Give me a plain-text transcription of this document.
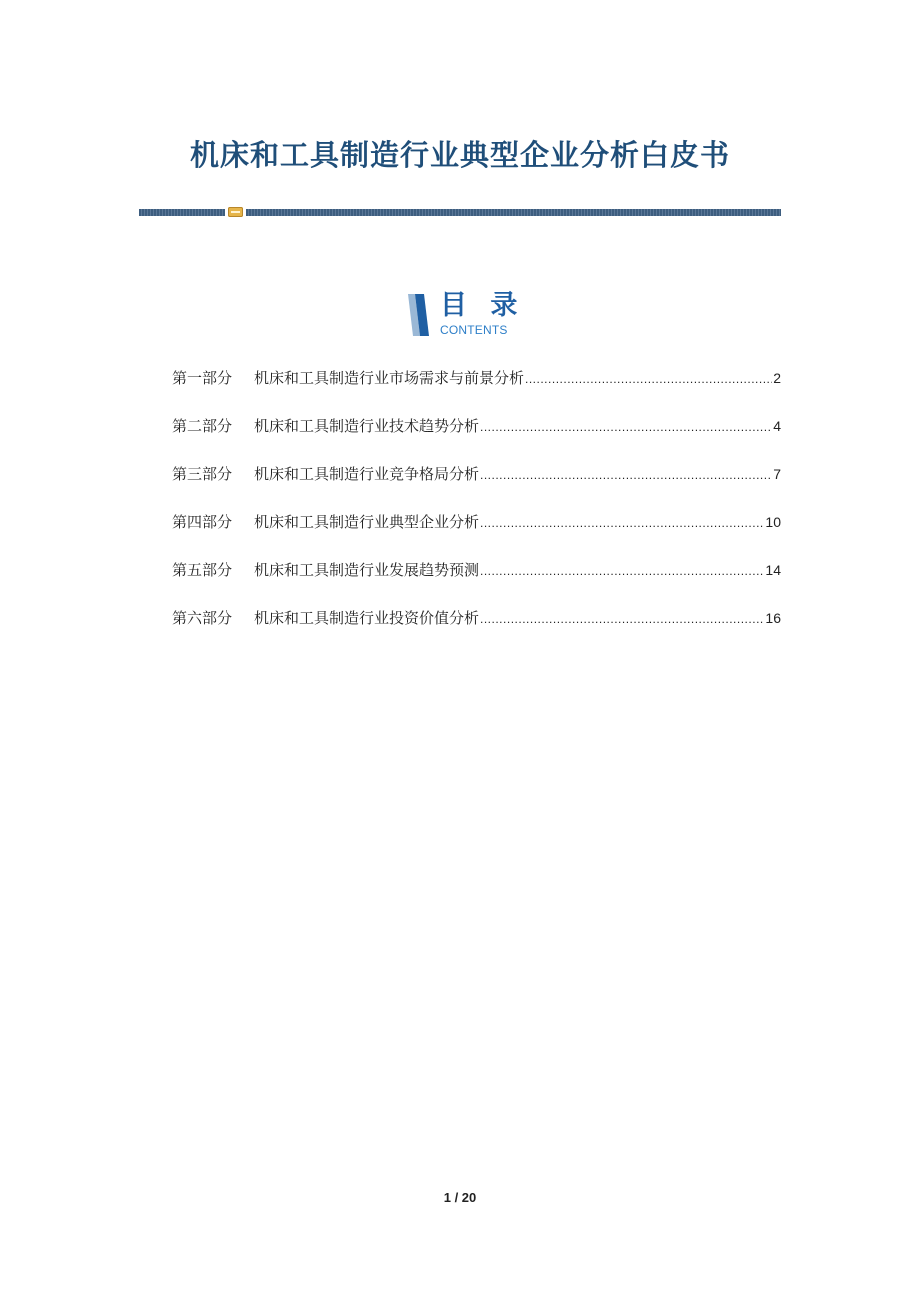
机床和工具制造行业典型企业分析白皮书
目 录
CONTENTS
第一部分	机床和工具制造行业市场需求与前景分析 .....	2
第二部分	机床和工具制造行业技术趋势分析 .....	4
第三部分	机床和工具制造行业竞争格局分析 .....	7
第四部分	机床和工具制造行业典型企业分析 .....	10
第五部分	机床和工具制造行业发展趋势预测 .....	14
第六部分	机床和工具制造行业投资价值分析 .....	16
1 / 20
